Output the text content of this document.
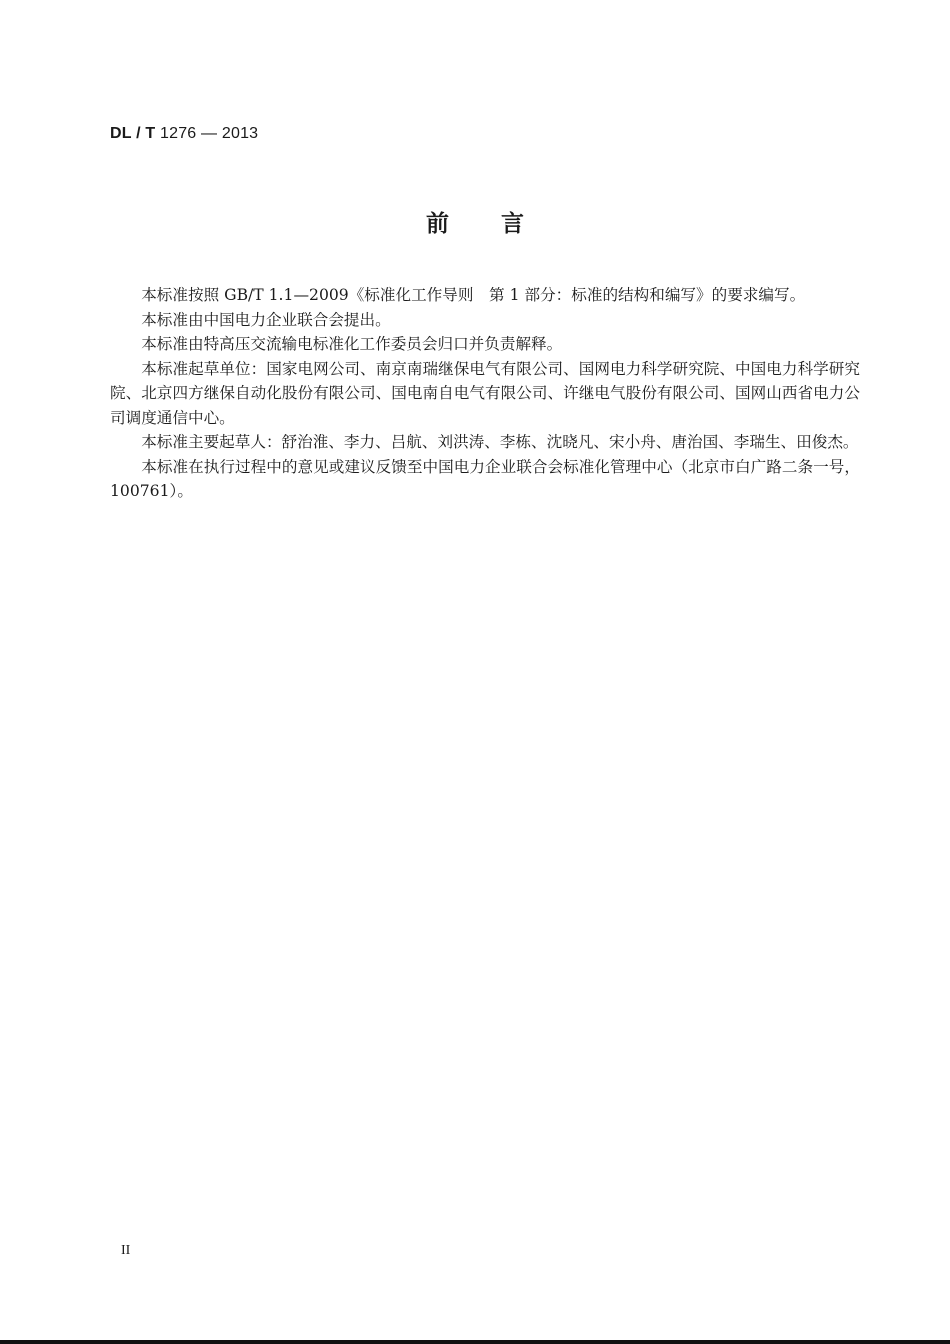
DL / T 1276 — 2013
前言

本标准按照 GB/T 1.1—2009《标准化工作导则　第 1 部分：标准的结构和编写》的要求编写。

本标准由中国电力企业联合会提出。

本标准由特高压交流输电标准化工作委员会归口并负责解释。

本标准起草单位：国家电网公司、南京南瑞继保电气有限公司、国网电力科学研究院、中国电力科学研究院、北京四方继保自动化股份有限公司、国电南自电气有限公司、许继电气股份有限公司、国网山西省电力公司调度通信中心。

本标准主要起草人：舒治淮、李力、吕航、刘洪涛、李栋、沈晓凡、宋小舟、唐治国、李瑞生、田俊杰。

本标准在执行过程中的意见或建议反馈至中国电力企业联合会标准化管理中心（北京市白广路二条一号，100761）。

II
